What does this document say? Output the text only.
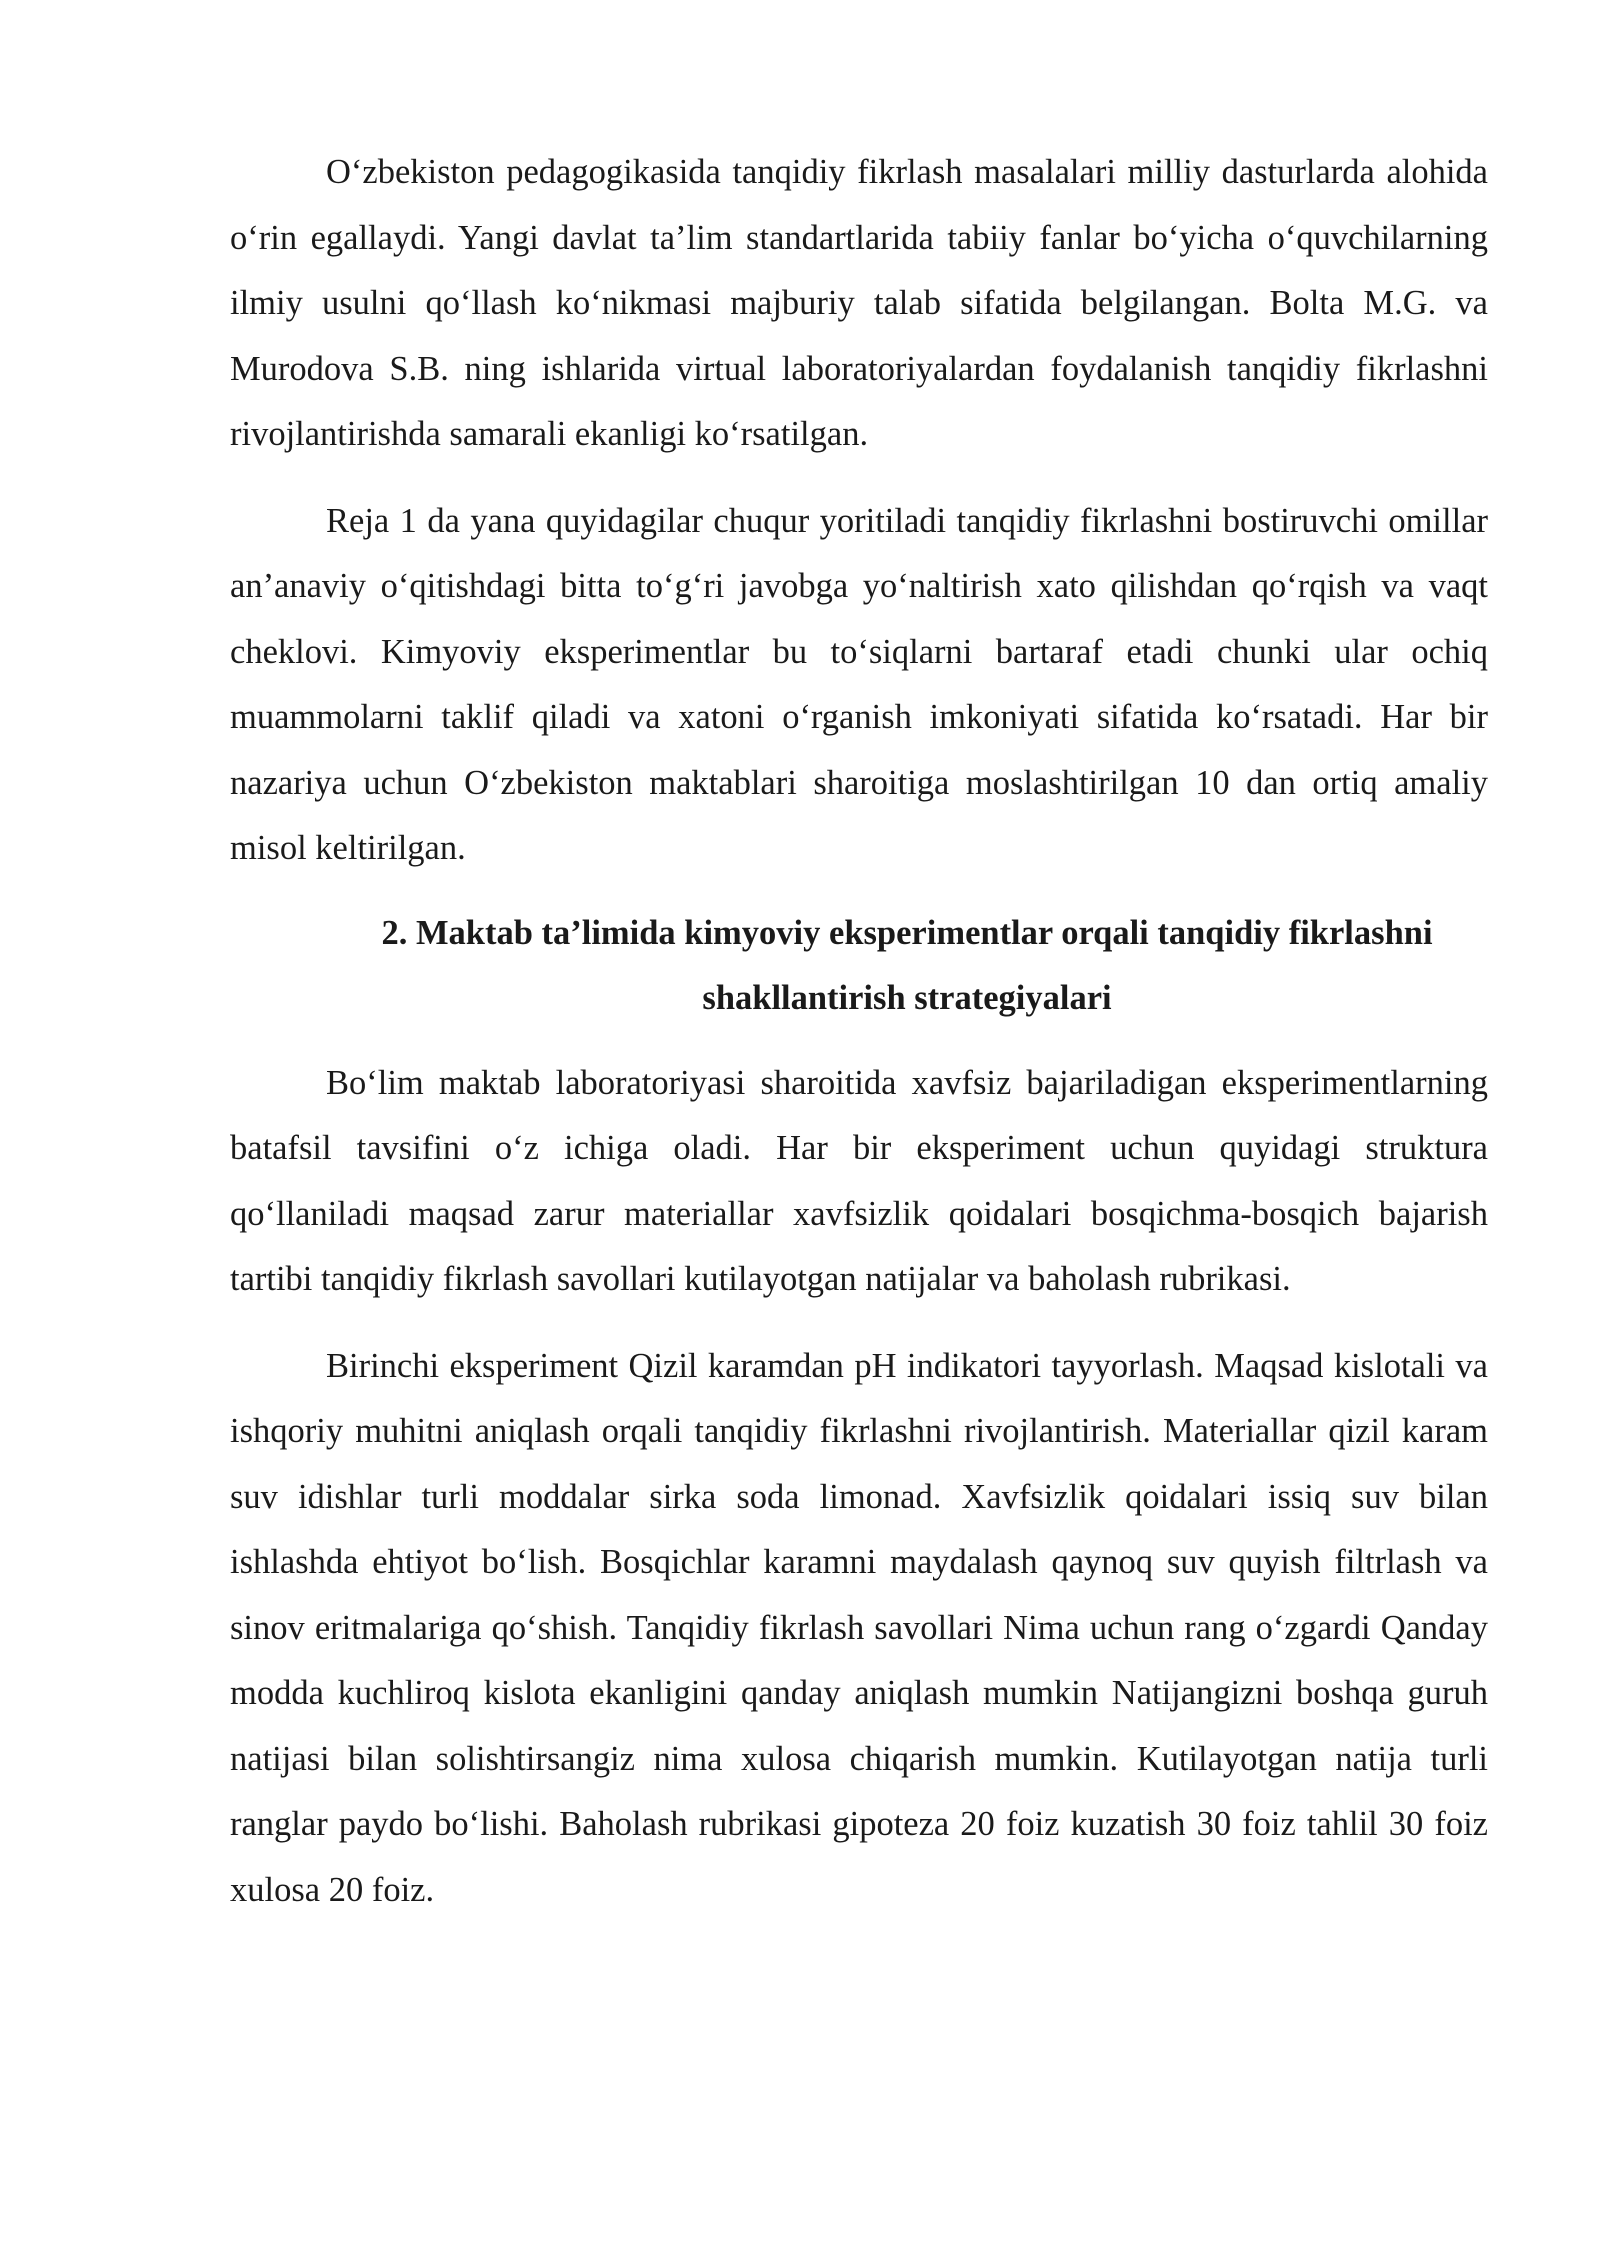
O‘zbekiston pedagogikasida tanqidiy fikrlash masalalari milliy dasturlarda alohida o‘rin egallaydi. Yangi davlat ta’lim standartlarida tabiiy fanlar bo‘yicha o‘quvchilarning ilmiy usulni qo‘llash ko‘nikmasi majburiy talab sifatida belgilangan. Bolta M.G. va Murodova S.B. ning ishlarida virtual laboratoriyalardan foydalanish tanqidiy fikrlashni rivojlantirishda samarali ekanligi ko‘rsatilgan.

Reja 1 da yana quyidagilar chuqur yoritiladi tanqidiy fikrlashni bostiruvchi omillar an’anaviy o‘qitishdagi bitta to‘g‘ri javobga yo‘naltirish xato qilishdan qo‘rqish va vaqt cheklovi. Kimyoviy eksperimentlar bu to‘siqlarni bartaraf etadi chunki ular ochiq muammolarni taklif qiladi va xatoni o‘rganish imkoniyati sifatida ko‘rsatadi. Har bir nazariya uchun O‘zbekiston maktablari sharoitiga moslashtirilgan 10 dan ortiq amaliy misol keltirilgan.

2. Maktab ta’limida kimyoviy eksperimentlar orqali tanqidiy fikrlashni shakllantirish strategiyalari

Bo‘lim maktab laboratoriyasi sharoitida xavfsiz bajariladigan eksperimentlarning batafsil tavsifini o‘z ichiga oladi. Har bir eksperiment uchun quyidagi struktura qo‘llaniladi maqsad zarur materiallar xavfsizlik qoidalari bosqichma-bosqich bajarish tartibi tanqidiy fikrlash savollari kutilayotgan natijalar va baholash rubrikasi.

Birinchi eksperiment Qizil karamdan pH indikatori tayyorlash. Maqsad kislotali va ishqoriy muhitni aniqlash orqali tanqidiy fikrlashni rivojlantirish. Materiallar qizil karam suv idishlar turli moddalar sirka soda limonad. Xavfsizlik qoidalari issiq suv bilan ishlashda ehtiyot bo‘lish. Bosqichlar karamni maydalash qaynoq suv quyish filtrlash va sinov eritmalariga qo‘shish. Tanqidiy fikrlash savollari Nima uchun rang o‘zgardi Qanday modda kuchliroq kislota ekanligini qanday aniqlash mumkin Natijangizni boshqa guruh natijasi bilan solishtirsangiz nima xulosa chiqarish mumkin. Kutilayotgan natija turli ranglar paydo bo‘lishi. Baholash rubrikasi gipoteza 20 foiz kuzatish 30 foiz tahlil 30 foiz xulosa 20 foiz.
